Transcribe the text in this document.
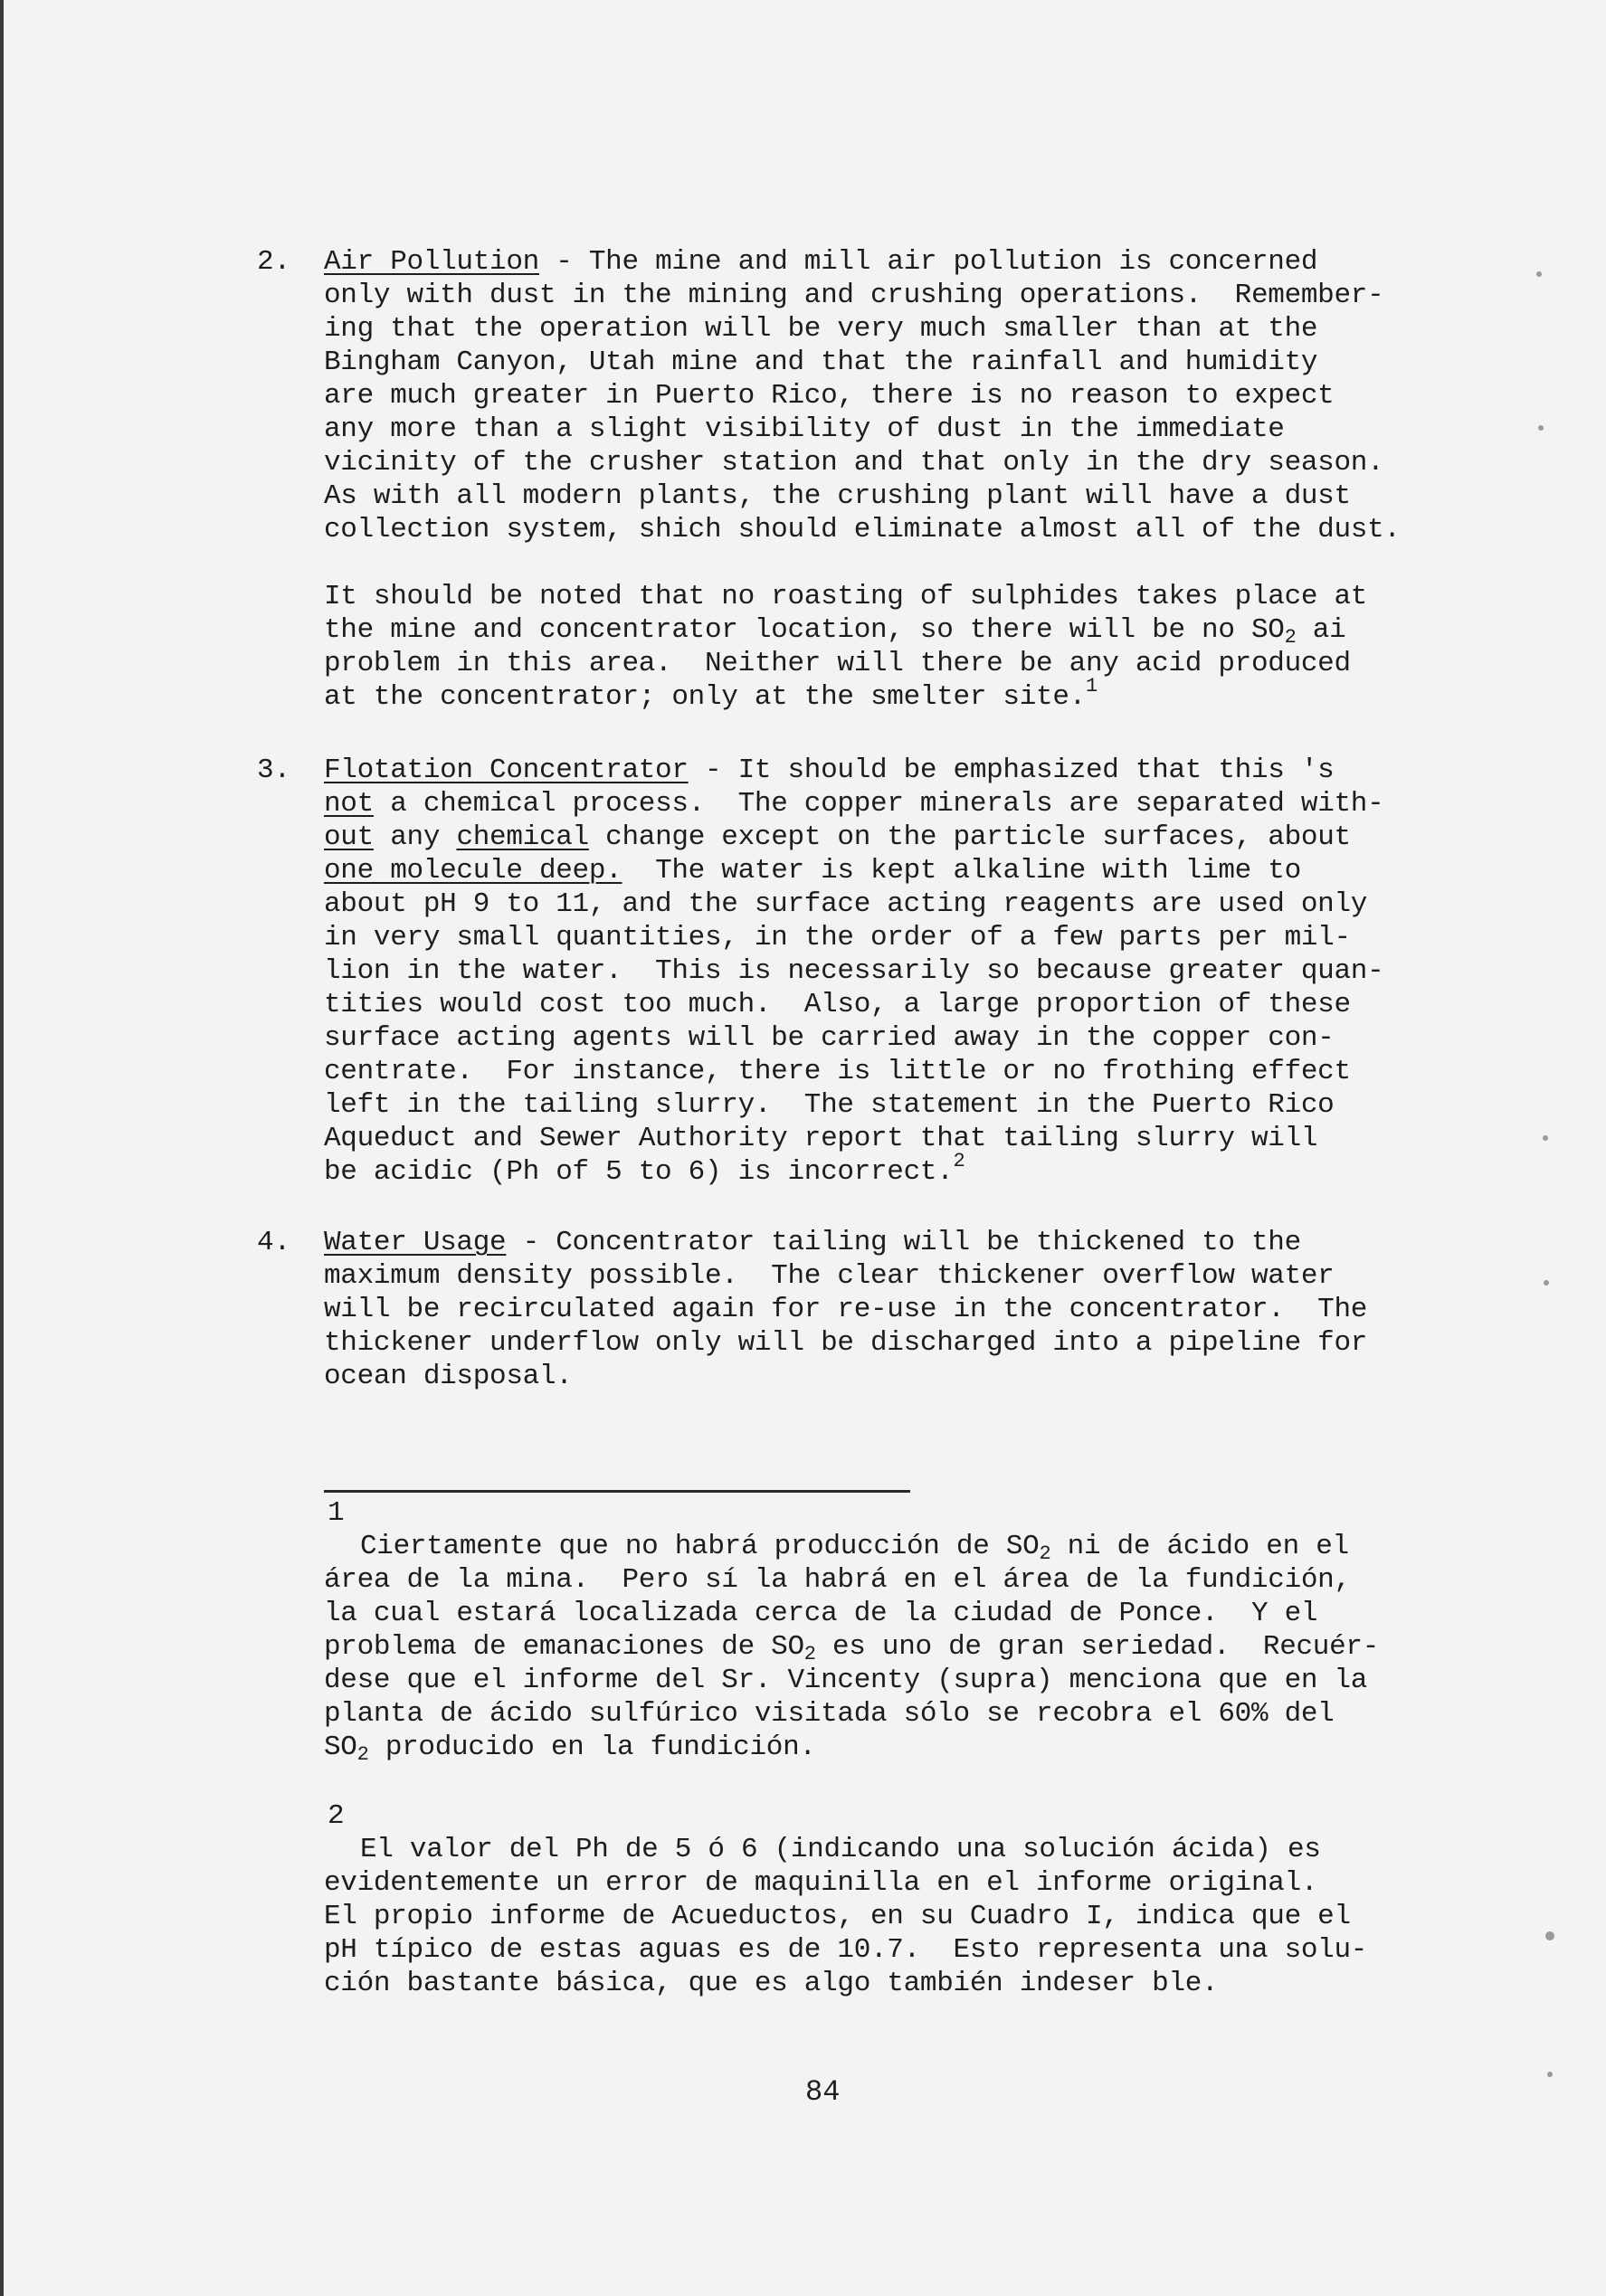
2. Air Pollution - The mine and mill air pollution is concerned
only with dust in the mining and crushing operations.  Remember-
ing that the operation will be very much smaller than at the
Bingham Canyon, Utah mine and that the rainfall and humidity
are much greater in Puerto Rico, there is no reason to expect
any more than a slight visibility of dust in the immediate
vicinity of the crusher station and that only in the dry season.
As with all modern plants, the crushing plant will have a dust
collection system, shich should eliminate almost all of the dust.
It should be noted that no roasting of sulphides takes place at
the mine and concentrator location, so there will be no $SO_2$ ai
problem in this area.  Neither will there be any acid produced
at the concentrator; only at the smelter site.$^1$
3. Flotation Concentrator - It should be emphasized that this 's
not a chemical process.  The copper minerals are separated with-
out any chemical change except on the particle surfaces, about
one molecule deep.  The water is kept alkaline with lime to
about pH 9 to 11, and the surface acting reagents are used only
in very small quantities, in the order of a few parts per mil-
lion in the water.  This is necessarily so because greater quan-
tities would cost too much.  Also, a large proportion of these
surface acting agents will be carried away in the copper con-
centrate.  For instance, there is little or no frothing effect
left in the tailing slurry.  The statement in the Puerto Rico
Aqueduct and Sewer Authority report that tailing slurry will
be acidic (Ph of 5 to 6) is incorrect.$^2$
4. Water Usage - Concentrator tailing will be thickened to the
maximum density possible.  The clear thickener overflow water
will be recirculated again for re-use in the concentrator.  The
thickener underflow only will be discharged into a pipeline for
ocean disposal.
1
Ciertamente que no habrá producción de $SO_2$ ni de ácido en el
área de la mina.  Pero sí la habrá en el área de la fundición,
la cual estará localizada cerca de la ciudad de Ponce.  Y el
problema de emanaciones de $SO_2$ es uno de gran seriedad.  Recuér-
dese que el informe del Sr. Vincenty (supra) menciona que en la
planta de ácido sulfúrico visitada sólo se recobra el 60% del
$SO_2$ producido en la fundición.
2
El valor del Ph de 5 ó 6 (indicando una solución ácida) es
evidentemente un error de maquinilla en el informe original.
El propio informe de Acueductos, en su Cuadro I, indica que el
pH típico de estas aguas es de 10.7.  Esto representa una solu-
ción bastante básica, que es algo también indeser ble.
84
